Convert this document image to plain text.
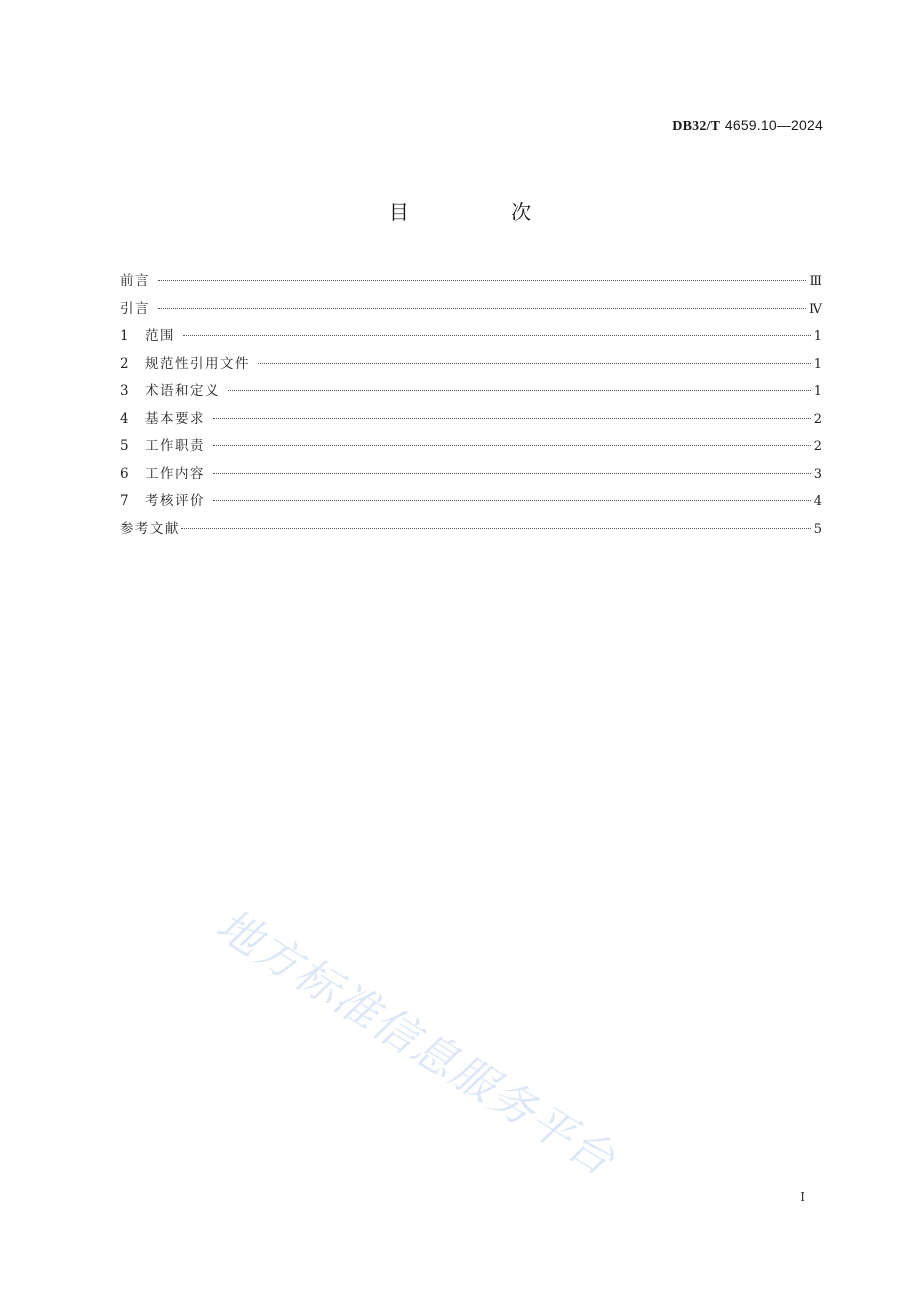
DB32/T 4659.10—2024
目 次
前言	Ⅲ
引言	Ⅳ
1	范围	1
2	规范性引用文件	1
3	术语和定义	1
4	基本要求	2
5	工作职责	2
6	工作内容	3
7	考核评价	4
参考文献	5
地方标准信息服务平台
I
